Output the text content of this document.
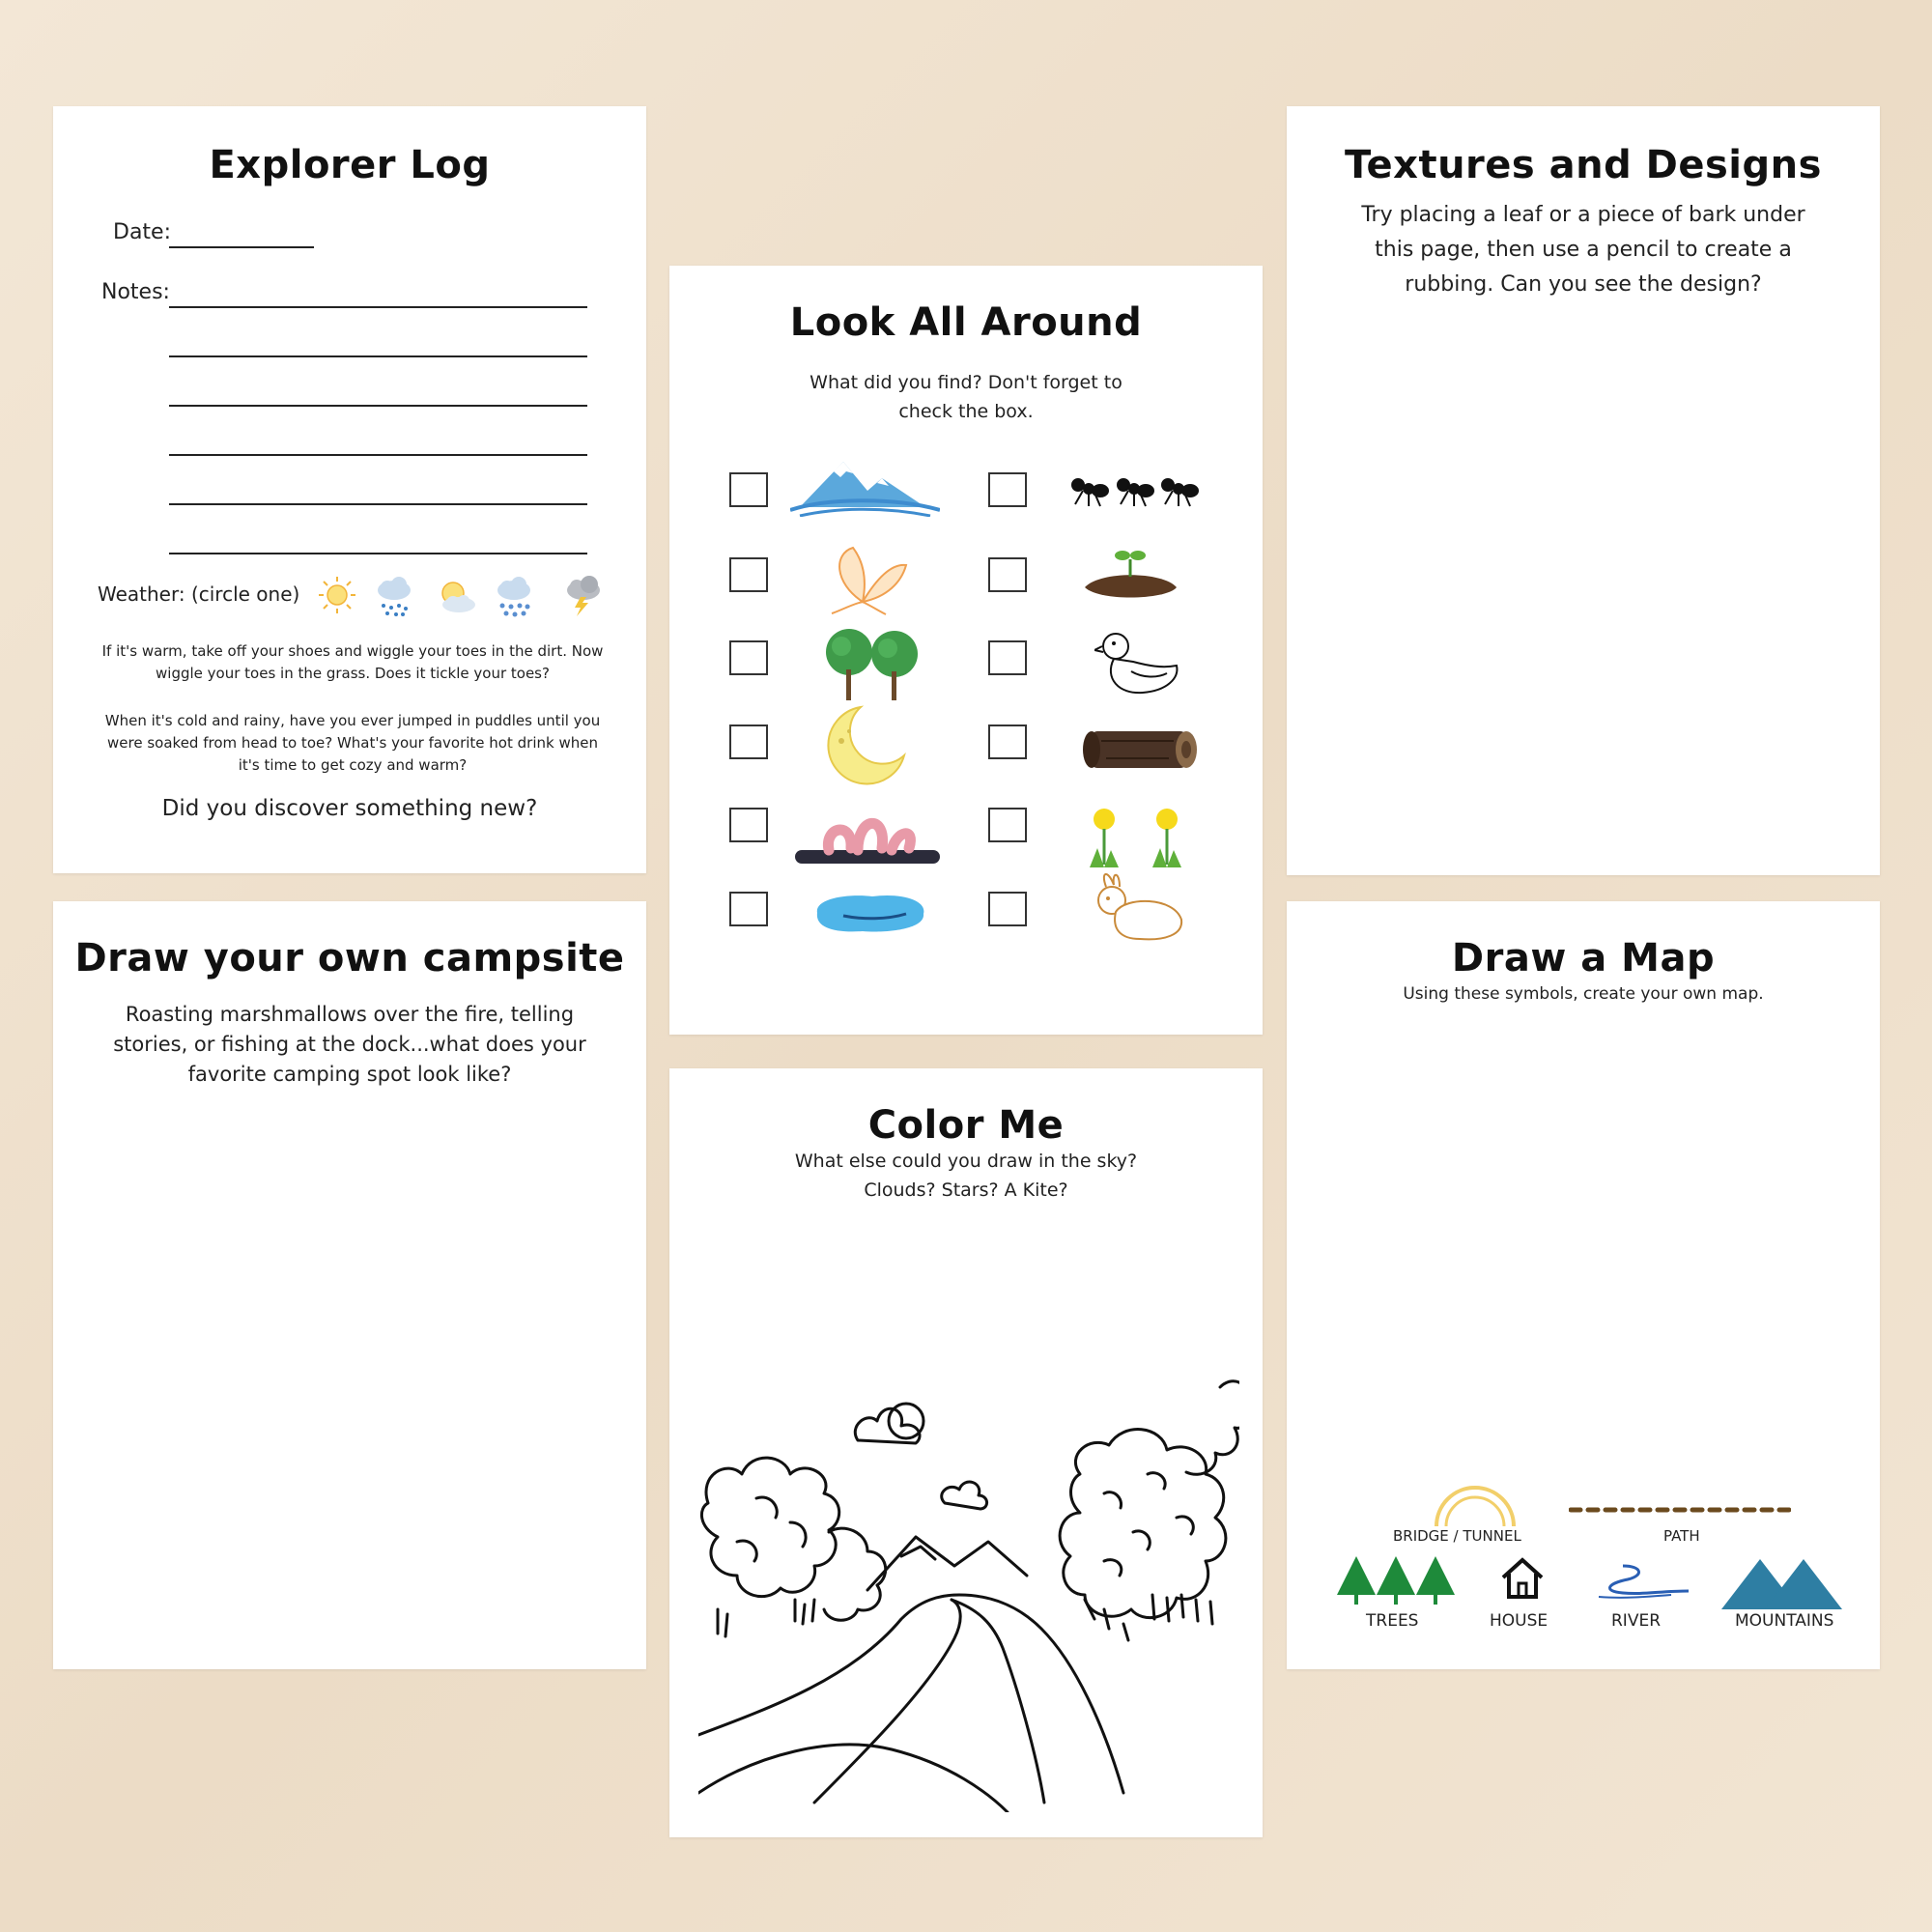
Explorer Log
Date:
Notes:
Weather: (circle one)
If it's warm, take off your shoes and wiggle your toes in the dirt. Now wiggle your toes in the grass. Does it tickle your toes?
When it's cold and rainy, have you ever jumped in puddles until you were soaked from head to toe? What's your favorite hot drink when it's time to get cozy and warm?
Did you discover something new?
Draw your own campsite
Roasting marshmallows over the fire, telling
stories, or fishing at the dock...what does your
favorite camping spot look like?
Look All Around
What did you find? Don't forget to
check the box.
Color Me
What else could you draw in the sky?
Clouds? Stars? A Kite?
Textures and Designs
Try placing a leaf or a piece of bark under
this page, then use a pencil to create a
rubbing. Can you see the design?
Draw a Map
Using these symbols, create your own map.
BRIDGE / TUNNEL	PATH
TREES	HOUSE	RIVER	MOUNTAINS
